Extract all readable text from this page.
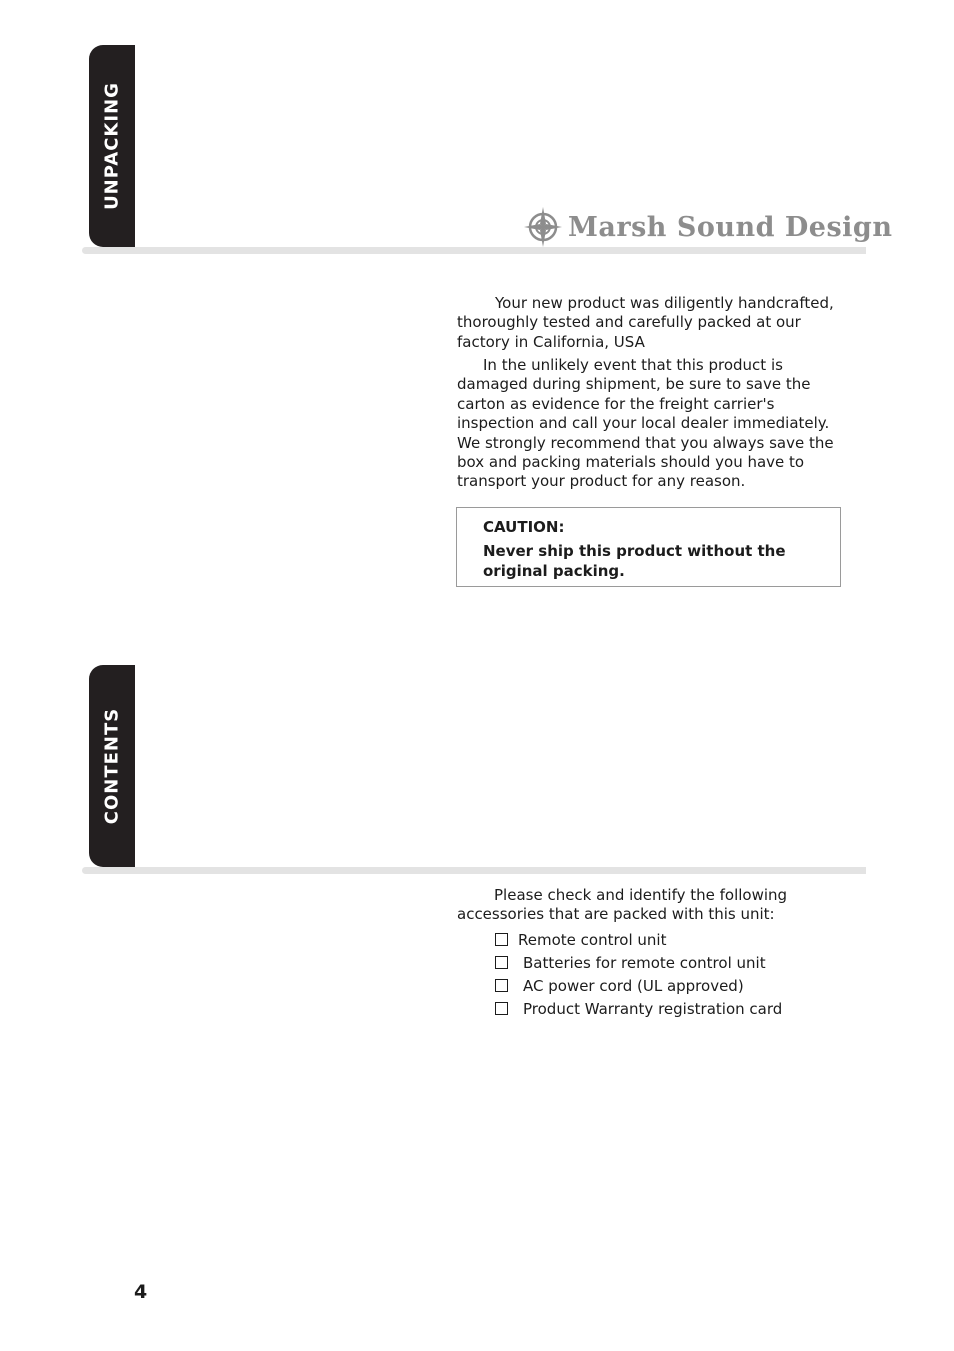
UNPACKING
Marsh Sound Design

Your new product was diligently handcrafted, thoroughly tested and carefully packed at our factory in California, USA

In the unlikely event that this product is damaged during shipment, be sure to save the carton as evidence for the freight carrier's inspection and call your local dealer immediately. We strongly recommend that you always save the box and packing materials should you have to transport your product for any reason.

CAUTION:
Never ship this product without the original packing.
CONTENTS

Please check and identify the following accessories that are packed with this unit:

Remote control unit
Batteries for remote control unit
AC power cord (UL approved)
Product Warranty registration card
4
